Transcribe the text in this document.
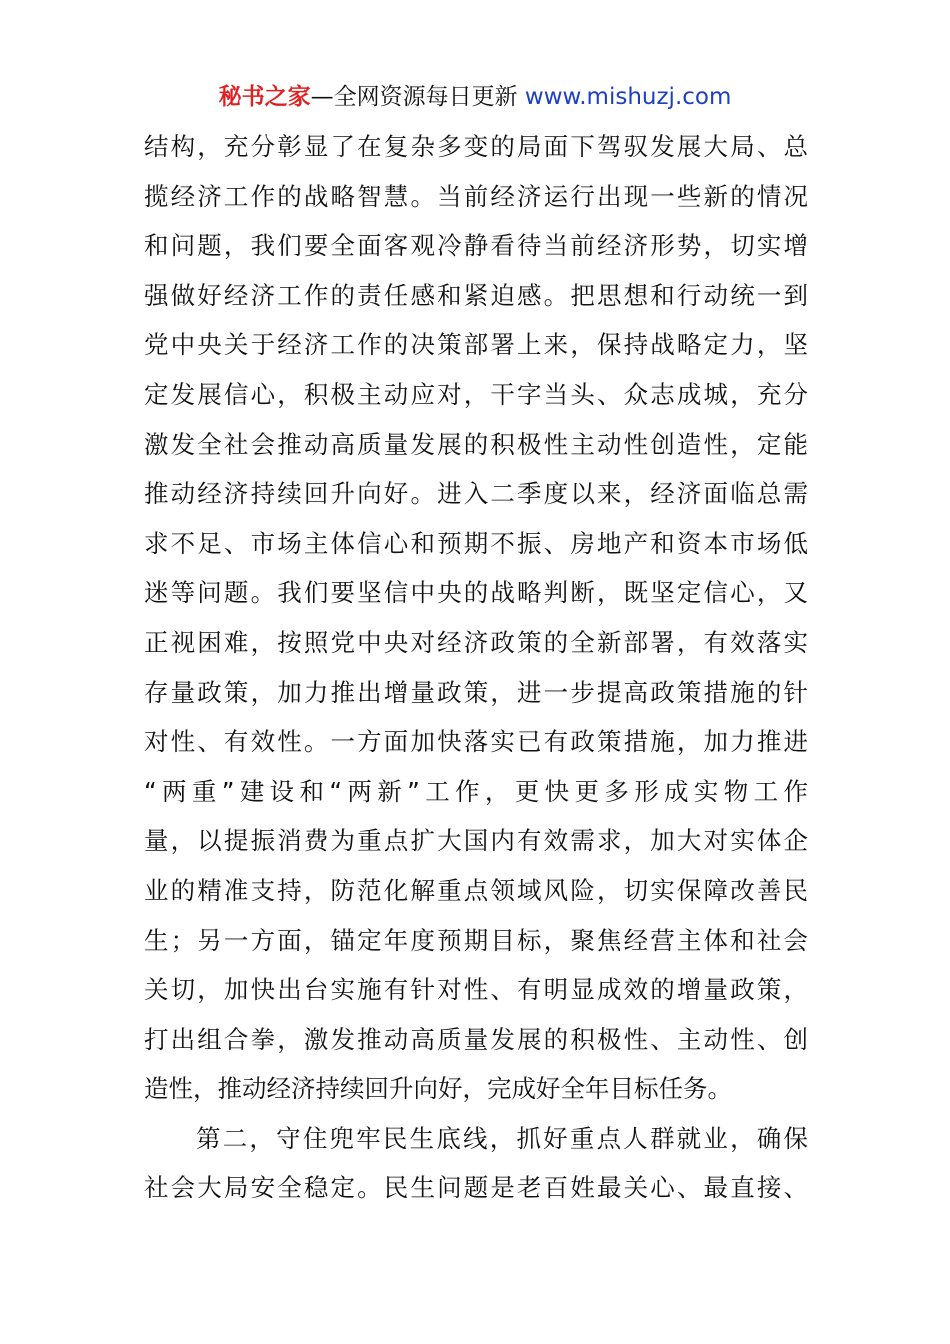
秘书之家—全网资源每日更新 www.mishuzj.com
结构，充分彰显了在复杂多变的局面下驾驭发展大局、总
揽经济工作的战略智慧。当前经济运行出现一些新的情况
和问题，我们要全面客观冷静看待当前经济形势，切实增
强做好经济工作的责任感和紧迫感。把思想和行动统一到
党中央关于经济工作的决策部署上来，保持战略定力，坚
定发展信心，积极主动应对，干字当头、众志成城，充分
激发全社会推动高质量发展的积极性主动性创造性，定能
推动经济持续回升向好。进入二季度以来，经济面临总需
求不足、市场主体信心和预期不振、房地产和资本市场低
迷等问题。我们要坚信中央的战略判断，既坚定信心，又
正视困难，按照党中央对经济政策的全新部署，有效落实
存量政策，加力推出增量政策，进一步提高政策措施的针
对性、有效性。一方面加快落实已有政策措施，加力推进
“两重”建设和“两新”工作，更快更多形成实物工作
量，以提振消费为重点扩大国内有效需求，加大对实体企
业的精准支持，防范化解重点领域风险，切实保障改善民
生；另一方面，锚定年度预期目标，聚焦经营主体和社会
关切，加快出台实施有针对性、有明显成效的增量政策，
打出组合拳，激发推动高质量发展的积极性、主动性、创
造性，推动经济持续回升向好，完成好全年目标任务。
第二，守住兜牢民生底线，抓好重点人群就业，确保
社会大局安全稳定。民生问题是老百姓最关心、最直接、
